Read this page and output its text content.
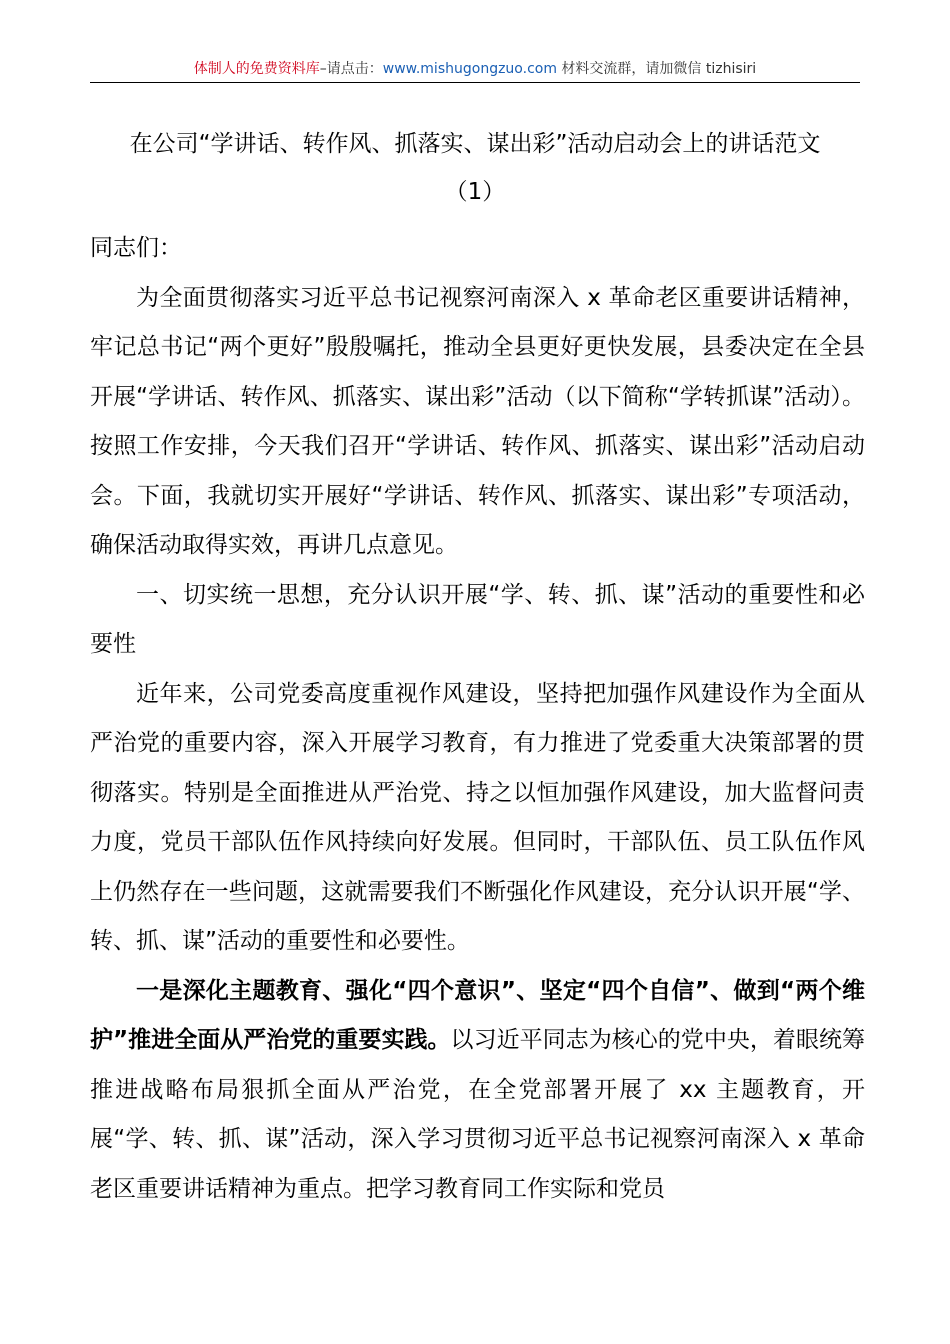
体制人的免费资料库–请点击：www.mishugongzuo.com 材料交流群，请加微信 tizhisiri
在公司“学讲话、转作风、抓落实、谋出彩”活动启动会上的讲话范文
（1）

同志们：

为全面贯彻落实习近平总书记视察河南深入 x 革命老区重要讲话精神，牢记总书记“两个更好”殷殷嘱托，推动全县更好更快发展，县委决定在全县开展“学讲话、转作风、抓落实、谋出彩”活动（以下简称“学转抓谋”活动）。按照工作安排，今天我们召开“学讲话、转作风、抓落实、谋出彩”活动启动会。下面，我就切实开展好“学讲话、转作风、抓落实、谋出彩”专项活动，确保活动取得实效，再讲几点意见。

一、切实统一思想，充分认识开展“学、转、抓、谋”活动的重要性和必要性

近年来，公司党委高度重视作风建设，坚持把加强作风建设作为全面从严治党的重要内容，深入开展学习教育，有力推进了党委重大决策部署的贯彻落实。特别是全面推进从严治党、持之以恒加强作风建设，加大监督问责力度，党员干部队伍作风持续向好发展。但同时，干部队伍、员工队伍作风上仍然存在一些问题，这就需要我们不断强化作风建设，充分认识开展“学、转、抓、谋”活动的重要性和必要性。

一是深化主题教育、强化“四个意识”、坚定“四个自信”、做到“两个维护”推进全面从严治党的重要实践。以习近平同志为核心的党中央，着眼统筹推进战略布局狠抓全面从严治党，在全党部署开展了 xx 主题教育，开展“学、转、抓、谋”活动，深入学习贯彻习近平总书记视察河南深入 x 革命老区重要讲话精神为重点。把学习教育同工作实际和党员
